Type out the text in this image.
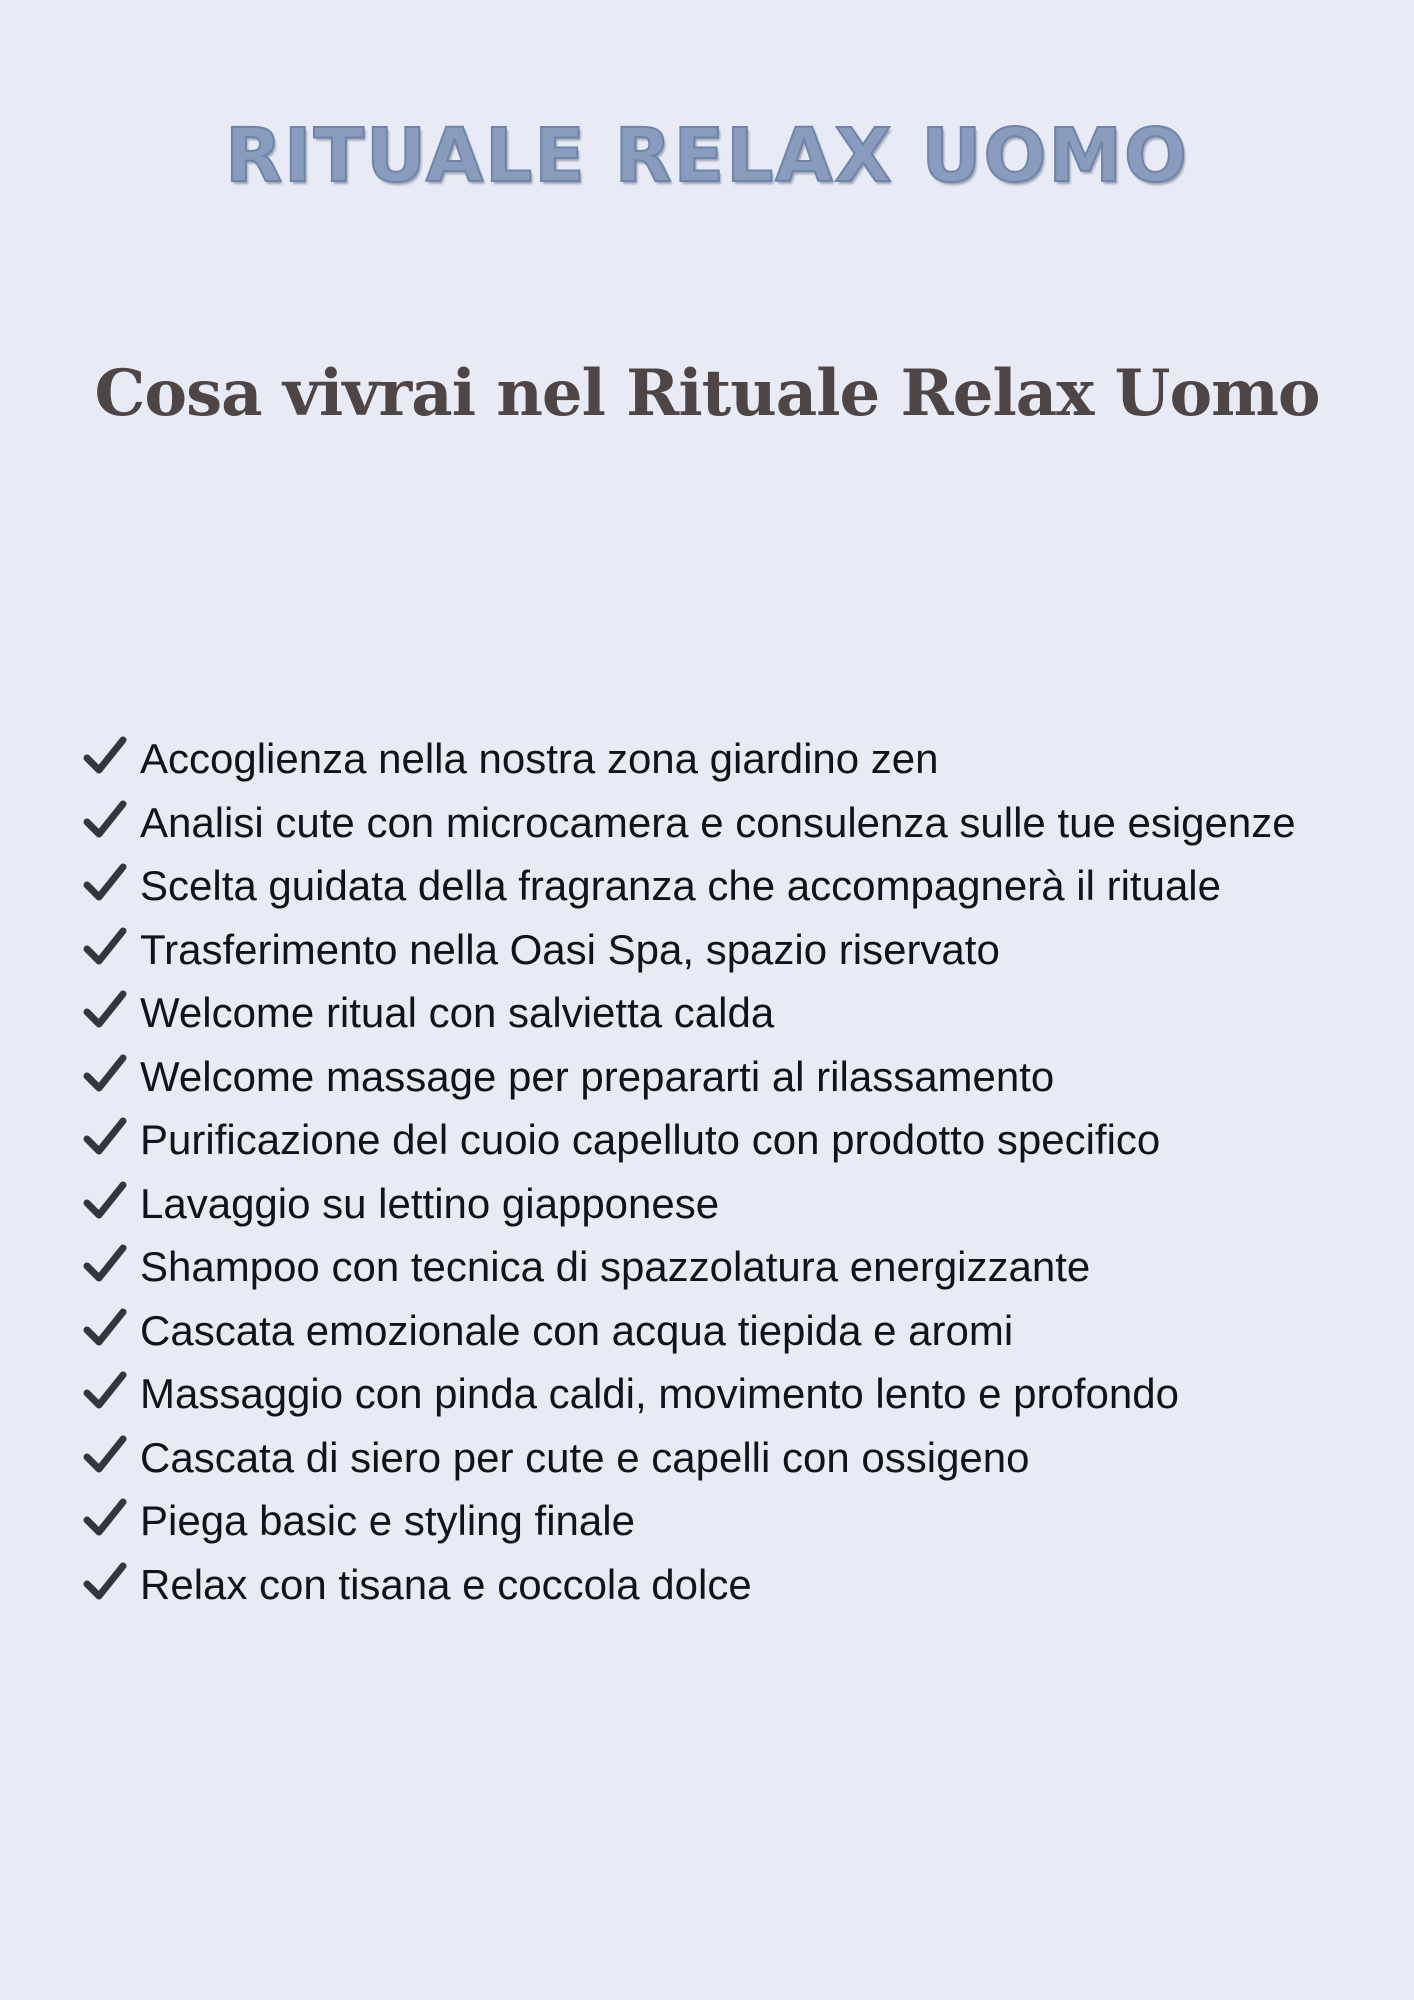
RITUALE RELAX UOMO
Cosa vivrai nel Rituale Relax Uomo
Accoglienza nella nostra zona giardino zen
Analisi cute con microcamera e consulenza sulle tue esigenze
Scelta guidata della fragranza che accompagnerà il rituale
Trasferimento nella Oasi Spa, spazio riservato
Welcome ritual con salvietta calda
Welcome massage per prepararti al rilassamento
Purificazione del cuoio capelluto con prodotto specifico
Lavaggio su lettino giapponese
Shampoo con tecnica di spazzolatura energizzante
Cascata emozionale con acqua tiepida e aromi
Massaggio con pinda caldi, movimento lento e profondo
Cascata di siero per cute e capelli con ossigeno
Piega basic e styling finale
Relax con tisana e coccola dolce
